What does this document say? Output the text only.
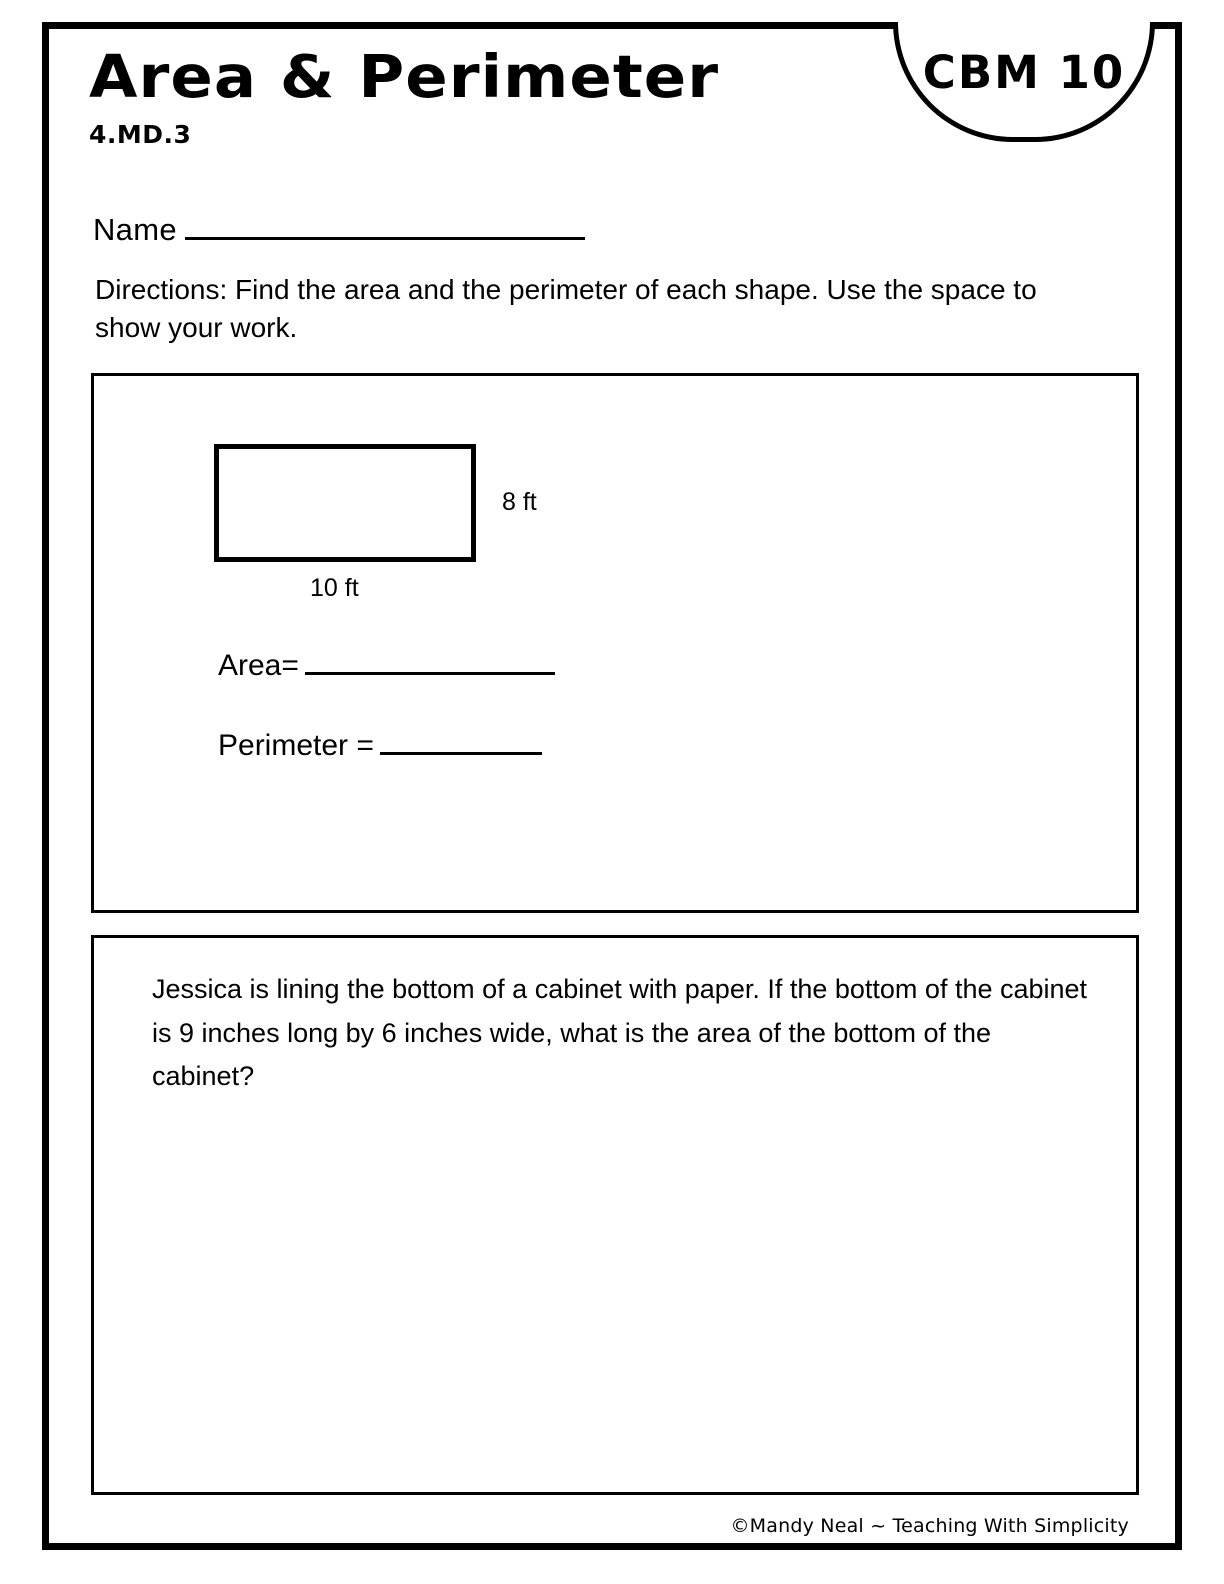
Area & Perimeter
4.MD.3
CBM 10
Name
Directions: Find the area and the perimeter of each shape. Use the space to show your work.
8 ft
10 ft
Area=
Perimeter =
Jessica is lining the bottom of a cabinet with paper. If the bottom of the cabinet is 9 inches long by 6 inches wide, what is the area of the bottom of the cabinet?
©Mandy Neal ~ Teaching With Simplicity
